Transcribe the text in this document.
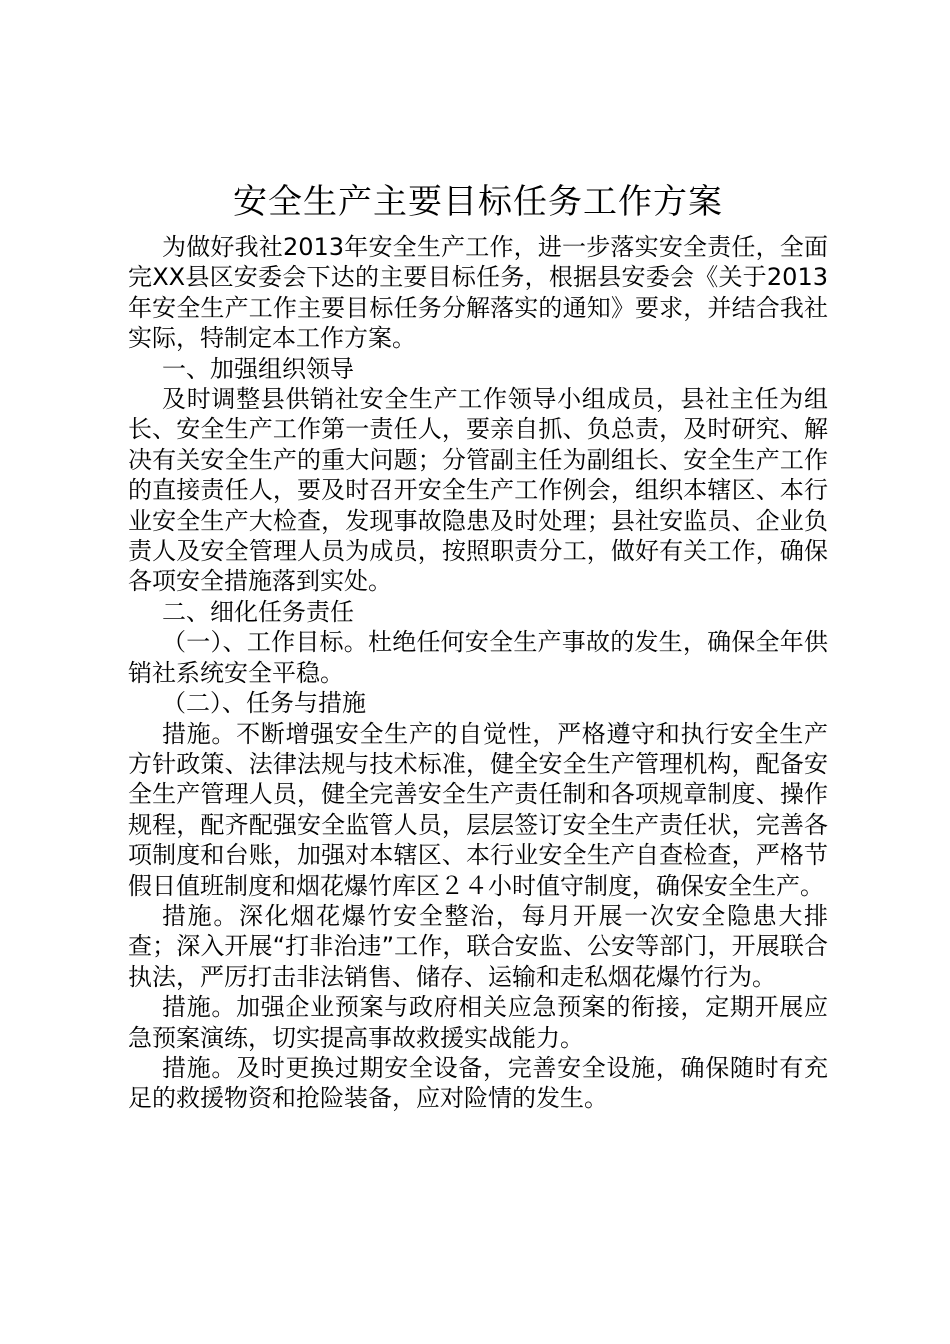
安全生产主要目标任务工作方案

为做好我社2013年安全生产工作，进一步落实安全责任，全面完XX县区安委会下达的主要目标任务，根据县安委会《关于2013年安全生产工作主要目标任务分解落实的通知》要求，并结合我社实际，特制定本工作方案。

一、加强组织领导

及时调整县供销社安全生产工作领导小组成员，县社主任为组长、安全生产工作第一责任人，要亲自抓、负总责，及时研究、解决有关安全生产的重大问题；分管副主任为副组长、安全生产工作的直接责任人，要及时召开安全生产工作例会，组织本辖区、本行业安全生产大检查，发现事故隐患及时处理；县社安监员、企业负责人及安全管理人员为成员，按照职责分工，做好有关工作，确保各项安全措施落到实处。

二、细化任务责任

（一）、工作目标。杜绝任何安全生产事故的发生，确保全年供销社系统安全平稳。

（二）、任务与措施

措施。不断增强安全生产的自觉性，严格遵守和执行安全生产方针政策、法律法规与技术标准，健全安全生产管理机构，配备安全生产管理人员，健全完善安全生产责任制和各项规章制度、操作规程，配齐配强安全监管人员，层层签订安全生产责任状，完善各项制度和台账，加强对本辖区、本行业安全生产自查检查，严格节假日值班制度和烟花爆竹库区２４小时值守制度，确保安全生产。

措施。深化烟花爆竹安全整治，每月开展一次安全隐患大排查；深入开展“打非治违”工作，联合安监、公安等部门，开展联合执法，严厉打击非法销售、储存、运输和走私烟花爆竹行为。

措施。加强企业预案与政府相关应急预案的衔接，定期开展应急预案演练，切实提高事故救援实战能力。

措施。及时更换过期安全设备，完善安全设施，确保随时有充足的救援物资和抢险装备，应对险情的发生。
